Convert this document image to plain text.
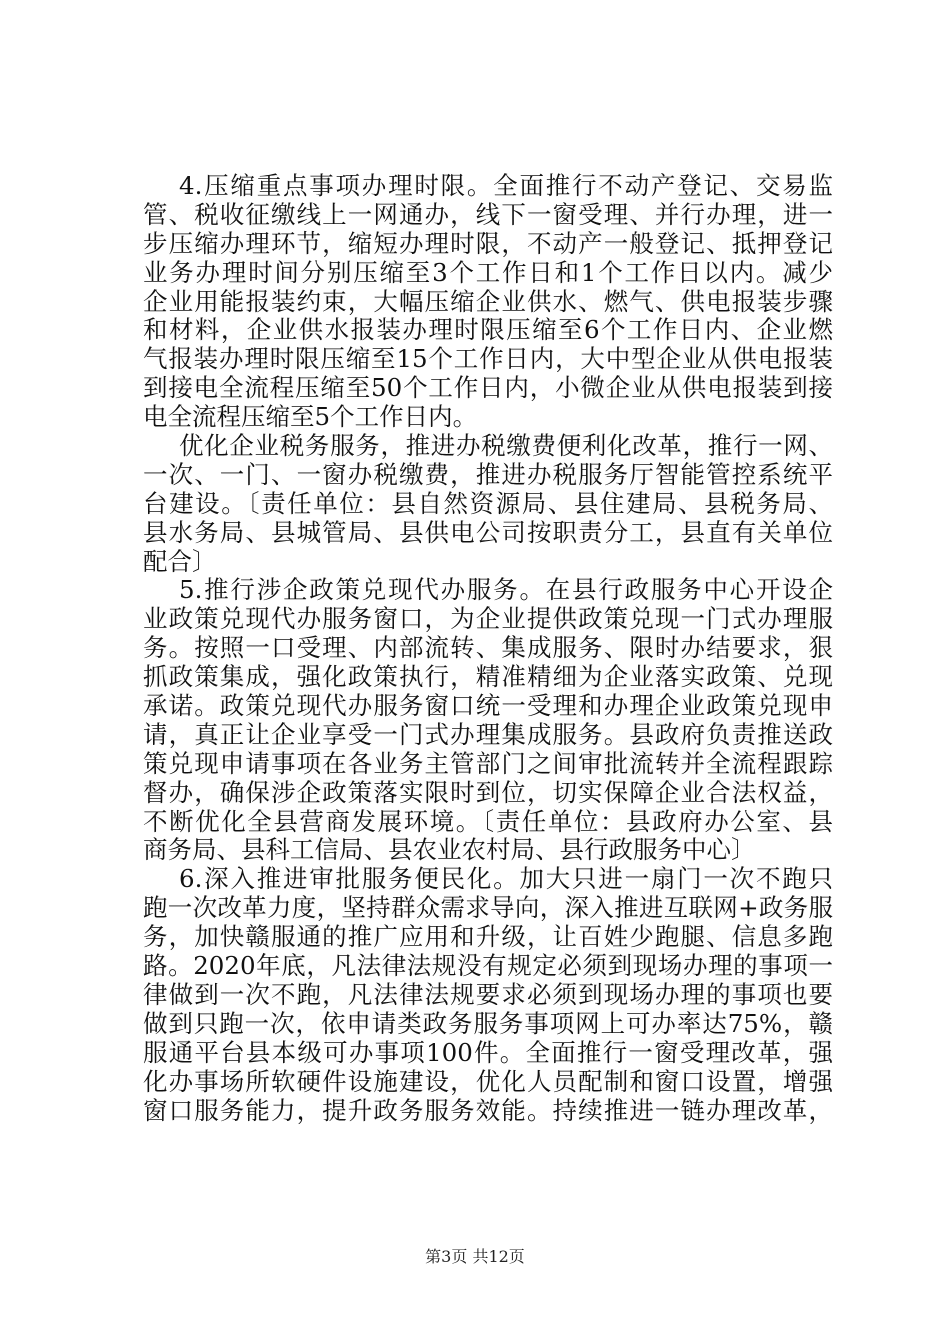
4.压缩重点事项办理时限。全面推行不动产登记、交易监
管、税收征缴线上一网通办，线下一窗受理、并行办理，进一
步压缩办理环节，缩短办理时限，不动产一般登记、抵押登记
业务办理时间分别压缩至3个工作日和1个工作日以内。减少
企业用能报装约束，大幅压缩企业供水、燃气、供电报装步骤
和材料，企业供水报装办理时限压缩至6个工作日内、企业燃
气报装办理时限压缩至15个工作日内，大中型企业从供电报装
到接电全流程压缩至50个工作日内，小微企业从供电报装到接
电全流程压缩至5个工作日内。
优化企业税务服务，推进办税缴费便利化改革，推行一网、
一次、一门、一窗办税缴费，推进办税服务厅智能管控系统平
台建设。〔责任单位：县自然资源局、县住建局、县税务局、
县水务局、县城管局、县供电公司按职责分工，县直有关单位
配合〕
5.推行涉企政策兑现代办服务。在县行政服务中心开设企
业政策兑现代办服务窗口，为企业提供政策兑现一门式办理服
务。按照一口受理、内部流转、集成服务、限时办结要求，狠
抓政策集成，强化政策执行，精准精细为企业落实政策、兑现
承诺。政策兑现代办服务窗口统一受理和办理企业政策兑现申
请，真正让企业享受一门式办理集成服务。县政府负责推送政
策兑现申请事项在各业务主管部门之间审批流转并全流程跟踪
督办，确保涉企政策落实限时到位，切实保障企业合法权益，
不断优化全县营商发展环境。〔责任单位：县政府办公室、县
商务局、县科工信局、县农业农村局、县行政服务中心〕
6.深入推进审批服务便民化。加大只进一扇门一次不跑只
跑一次改革力度，坚持群众需求导向，深入推进互联网+政务服
务，加快赣服通的推广应用和升级，让百姓少跑腿、信息多跑
路。2020年底，凡法律法规没有规定必须到现场办理的事项一
律做到一次不跑，凡法律法规要求必须到现场办理的事项也要
做到只跑一次，依申请类政务服务事项网上可办率达75%，赣
服通平台县本级可办事项100件。全面推行一窗受理改革，强
化办事场所软硬件设施建设，优化人员配制和窗口设置，增强
窗口服务能力，提升政务服务效能。持续推进一链办理改革，
第3页 共12页
